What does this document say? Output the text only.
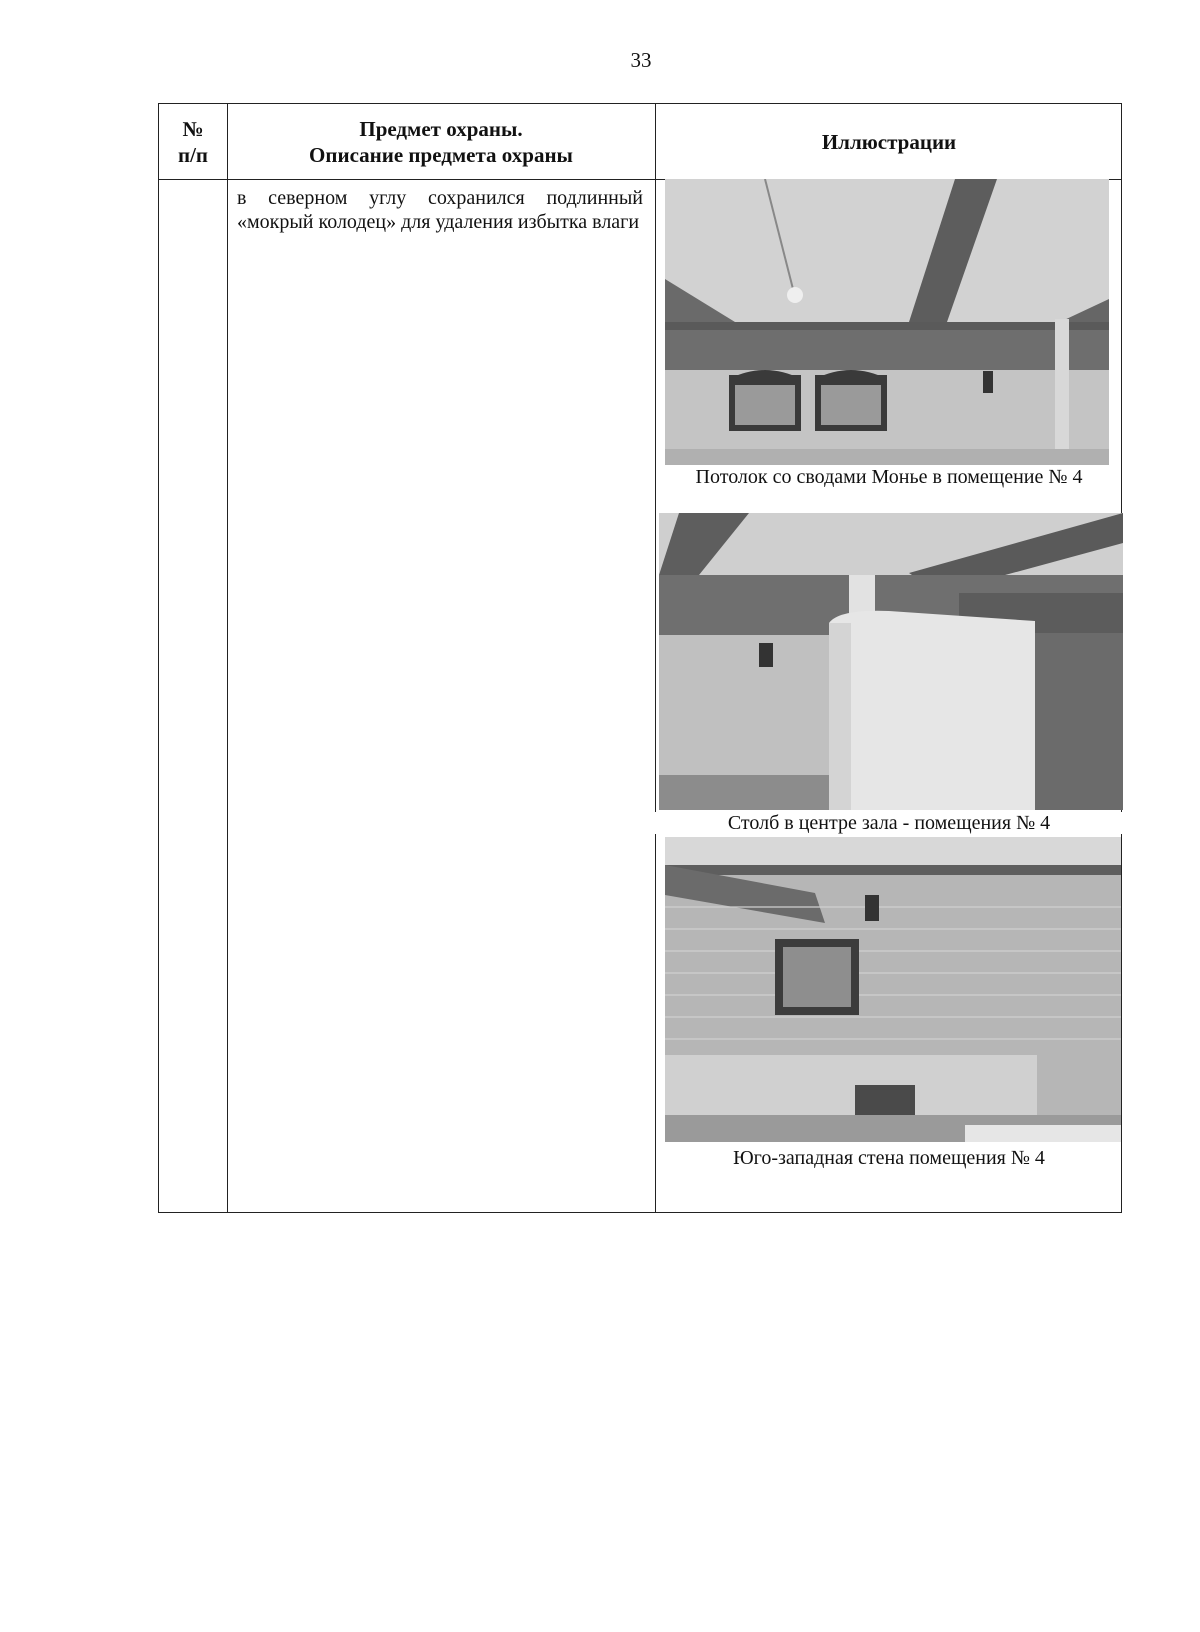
33
№
п/п
Предмет охраны.
Описание предмета охраны
Иллюстрации
в северном углу сохранился подлинный «мокрый колодец» для удаления избытка влаги
Потолок со сводами Монье в помещение № 4
Столб в центре зала - помещения № 4
Юго-западная стена помещения № 4
